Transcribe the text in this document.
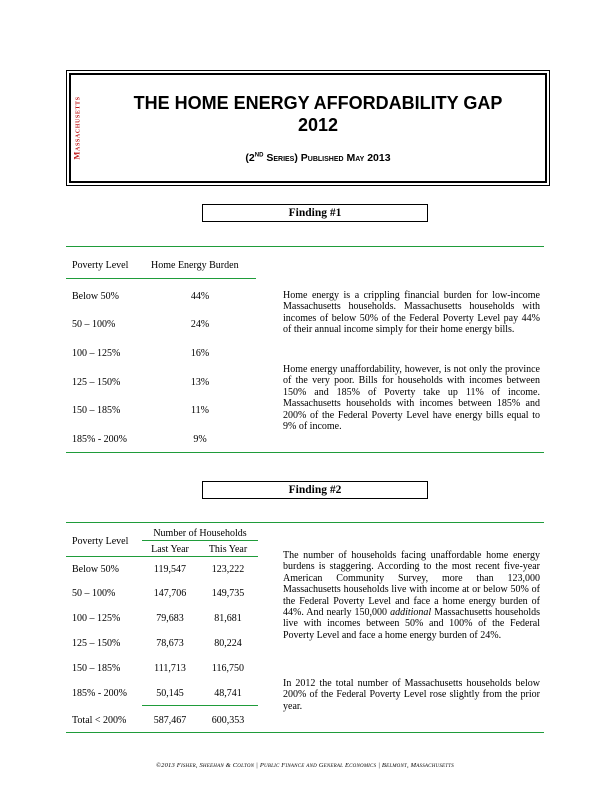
Massachusetts	THE HOME ENERGY AFFORDABILITY GAP
2012
(2ND Series) Published May 2013
Finding #1
Poverty Level Home Energy Burden
Below 50%	44%
50 – 100%	24%
100 – 125%	16%
125 – 150%	13%
150 – 185%	11%
185% - 200%	9%
Home energy is a crippling financial burden for low-income Massachusetts households. Massachusetts households with incomes of below 50% of the Federal Poverty Level pay 44% of their annual income simply for their home energy bills.
Home energy unaffordability, however, is not only the province of the very poor. Bills for households with incomes between 150% and 185% of Poverty take up 11% of income. Massachusetts households with incomes between 185% and 200% of the Federal Poverty Level have energy bills equal to 9% of income.
Finding #2
Poverty Level
Number of Households
Last Year	This Year
Below 50%	119,547	123,222
50 – 100%	147,706	149,735
100 – 125%	79,683	81,681
125 – 150%	78,673	80,224
150 – 185%	111,713	116,750
185% - 200%	50,145	48,741
Total < 200%	587,467	600,353
The number of households facing unaffordable home energy burdens is staggering. According to the most recent five-year American Community Survey, more than 123,000 Massachusetts households live with income at or below 50% of the Federal Poverty Level and face a home energy burden of 44%. And nearly 150,000 additional Massachusetts households live with incomes between 50% and 100% of the Federal Poverty Level and face a home energy burden of 24%.
In 2012 the total number of Massachusetts households below 200% of the Federal Poverty Level rose slightly from the prior year.
©2013 Fisher, Sheehan & Colton | Public Finance and General Economics | Belmont, Massachusetts
